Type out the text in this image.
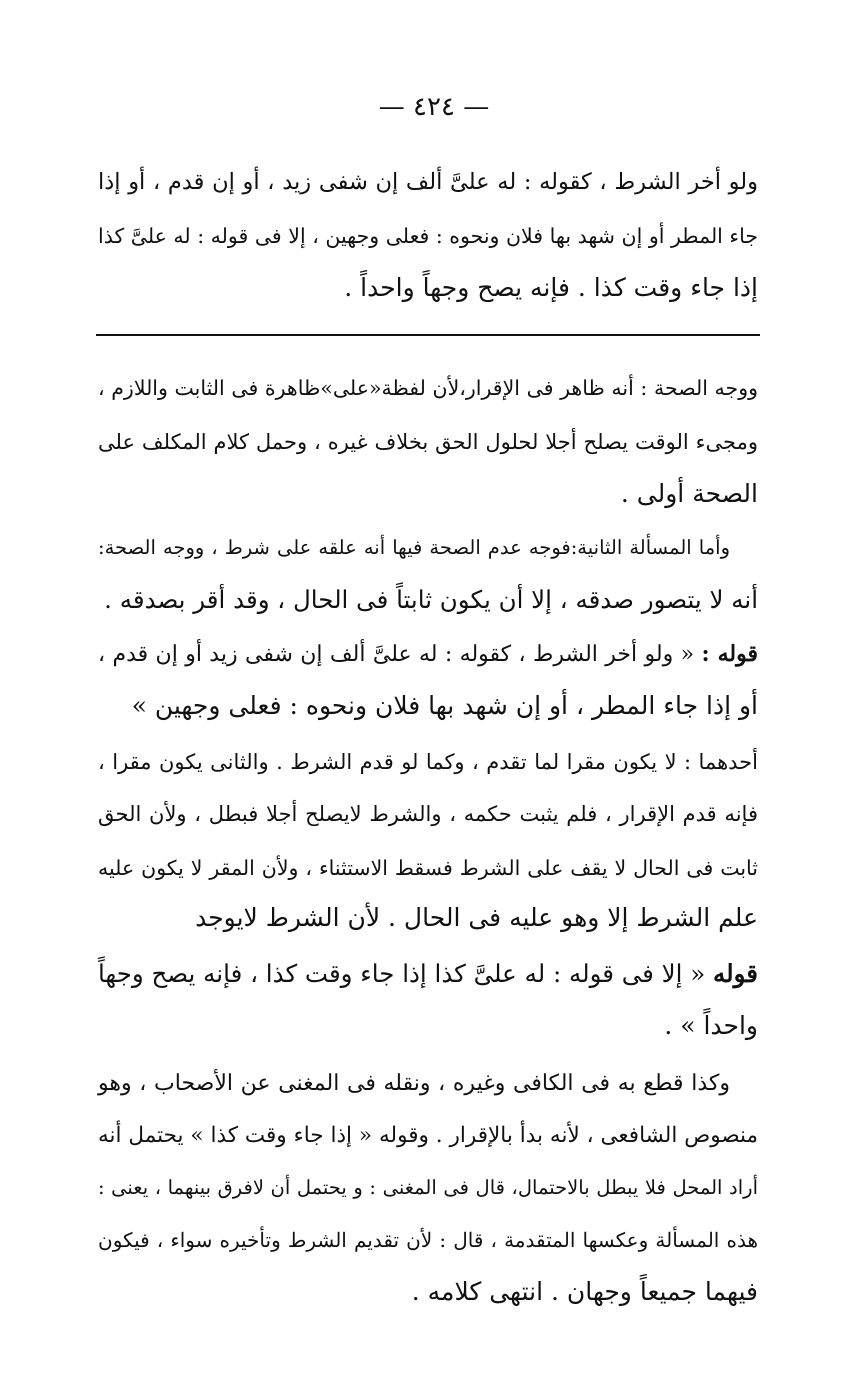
— ٤٢٤ —
ولو أخر الشرط ، كقوله : له علىَّ ألف إن شفى زيد ، أو إن قدم ، أو إذا
جاء المطر أو إن شهد بها فلان ونحوه : فعلى وجهين ، إلا فى قوله : له علىَّ كذا
إذا جاء وقت كذا . فإنه يصح وجهاً واحداً .
ووجه الصحة : أنه ظاهر فى الإقرار،لأن لفظة«على»ظاهرة فى الثابت واللازم ،
ومجىء الوقت يصلح أجلا لحلول الحق بخلاف غيره ، وحمل كلام المكلف على
الصحة أولى .
وأما المسألة الثانية:فوجه عدم الصحة فيها أنه علقه على شرط ، ووجه الصحة:
أنه لا يتصور صدقه ، إلا أن يكون ثابتاً فى الحال ، وقد أقر بصدقه .
قوله : « ولو أخر الشرط ، كقوله : له علىَّ ألف إن شفى زيد أو إن قدم ،
أو إذا جاء المطر ، أو إن شهد بها فلان ونحوه : فعلى وجهين »
أحدهما : لا يكون مقرا لما تقدم ، وكما لو قدم الشرط . والثانى يكون مقرا ،
فإنه قدم الإقرار ، فلم يثبت حكمه ، والشرط لايصلح أجلا فبطل ، ولأن الحق
ثابت فى الحال لا يقف على الشرط فسقط الاستثناء ، ولأن المقر لا يكون عليه
علم الشرط إلا وهو عليه فى الحال . لأن الشرط لايوجد
قوله « إلا فى قوله : له علىَّ كذا إذا جاء وقت كذا ، فإنه يصح وجهاً
واحداً » .
وكذا قطع به فى الكافى وغيره ، ونقله فى المغنى عن الأصحاب ، وهو
منصوص الشافعى ، لأنه بدأ بالإقرار . وقوله « إذا جاء وقت كذا » يحتمل أنه
أراد المحل فلا يبطل بالاحتمال، قال فى المغنى : و يحتمل أن لافرق بينهما ، يعنى :
هذه المسألة وعكسها المتقدمة ، قال : لأن تقديم الشرط وتأخيره سواء ، فيكون
فيهما جميعاً وجهان . انتهى كلامه .
